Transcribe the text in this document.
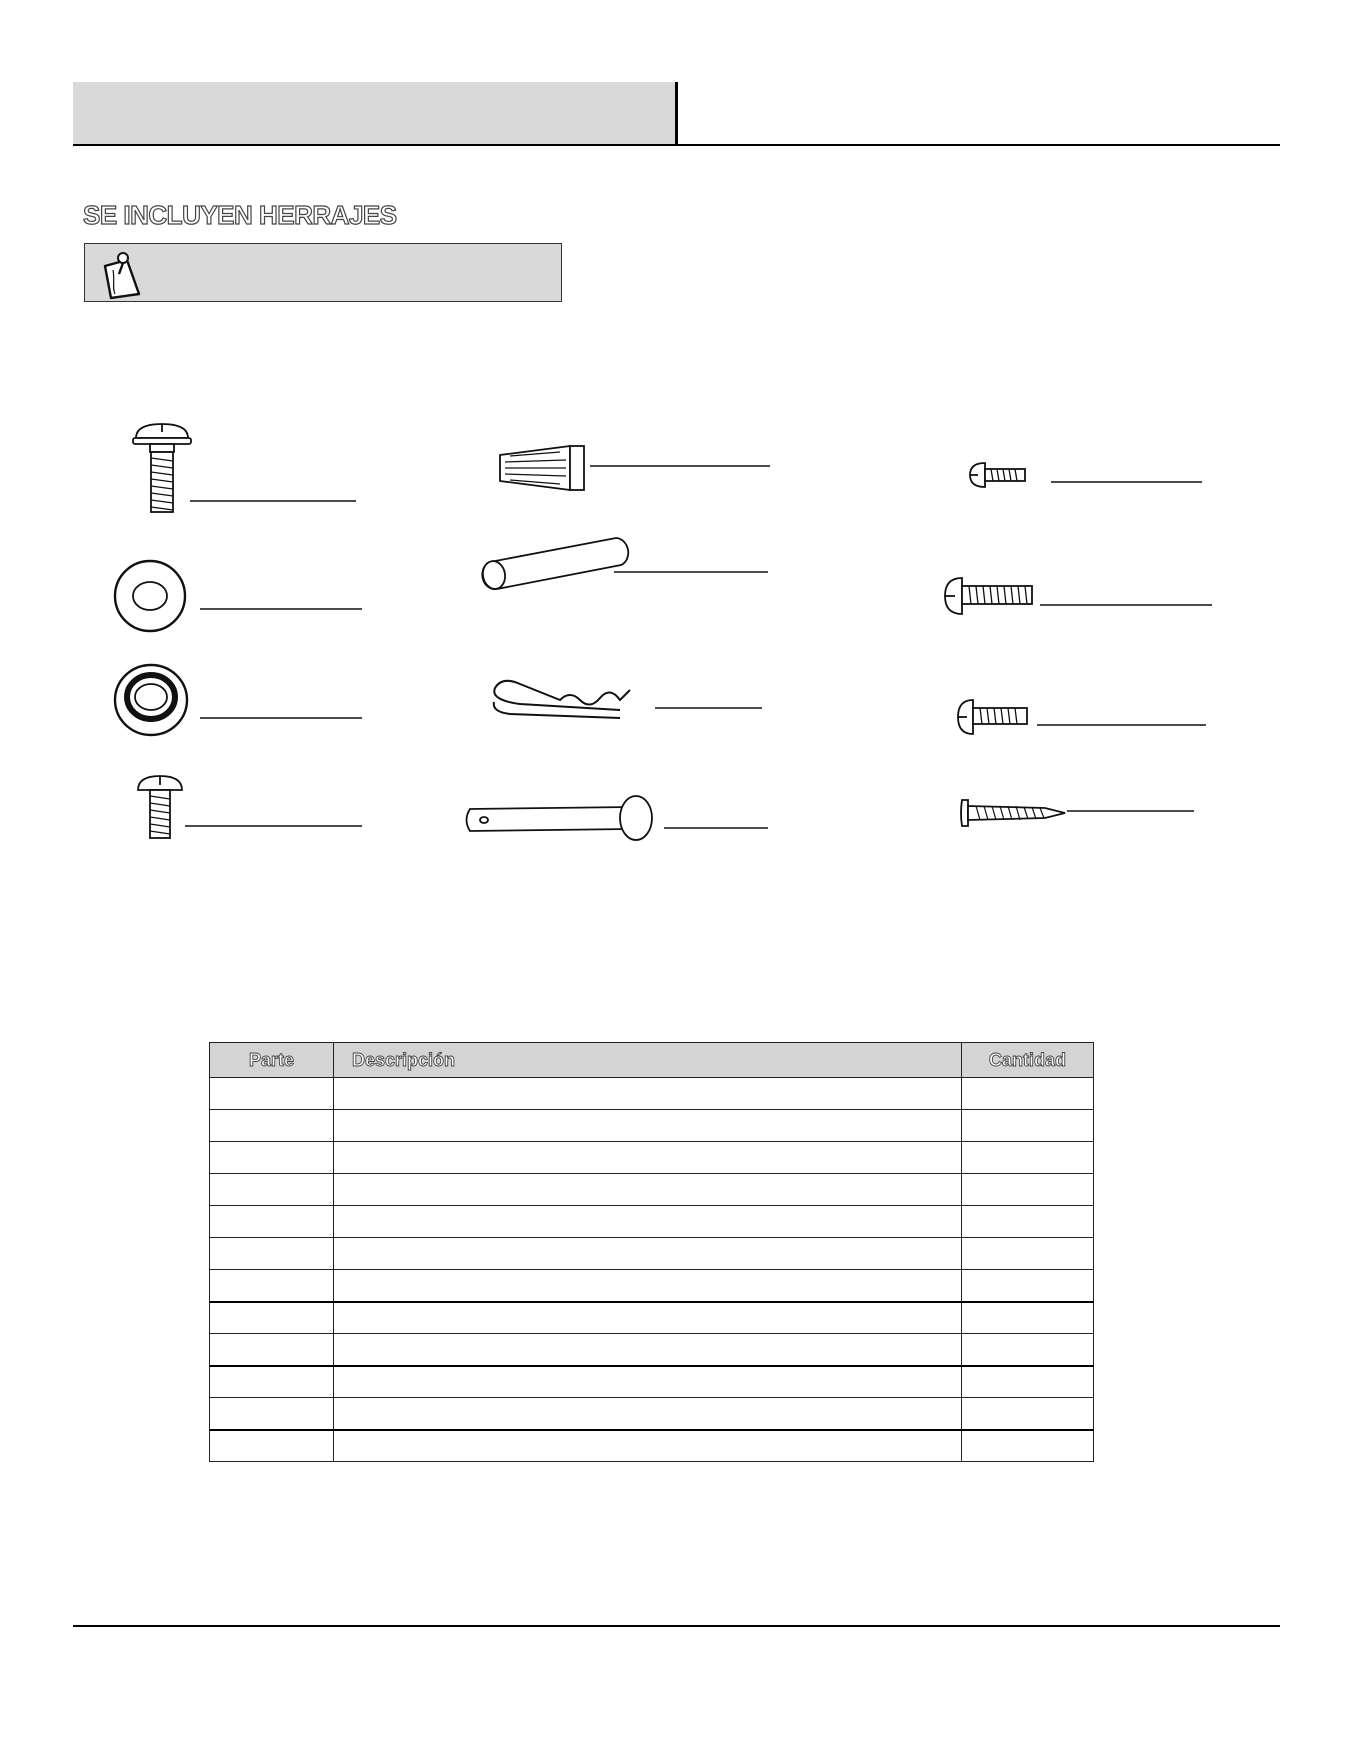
SE INCLUYEN HERRAJES
Parte	Descripción	Cantidad
